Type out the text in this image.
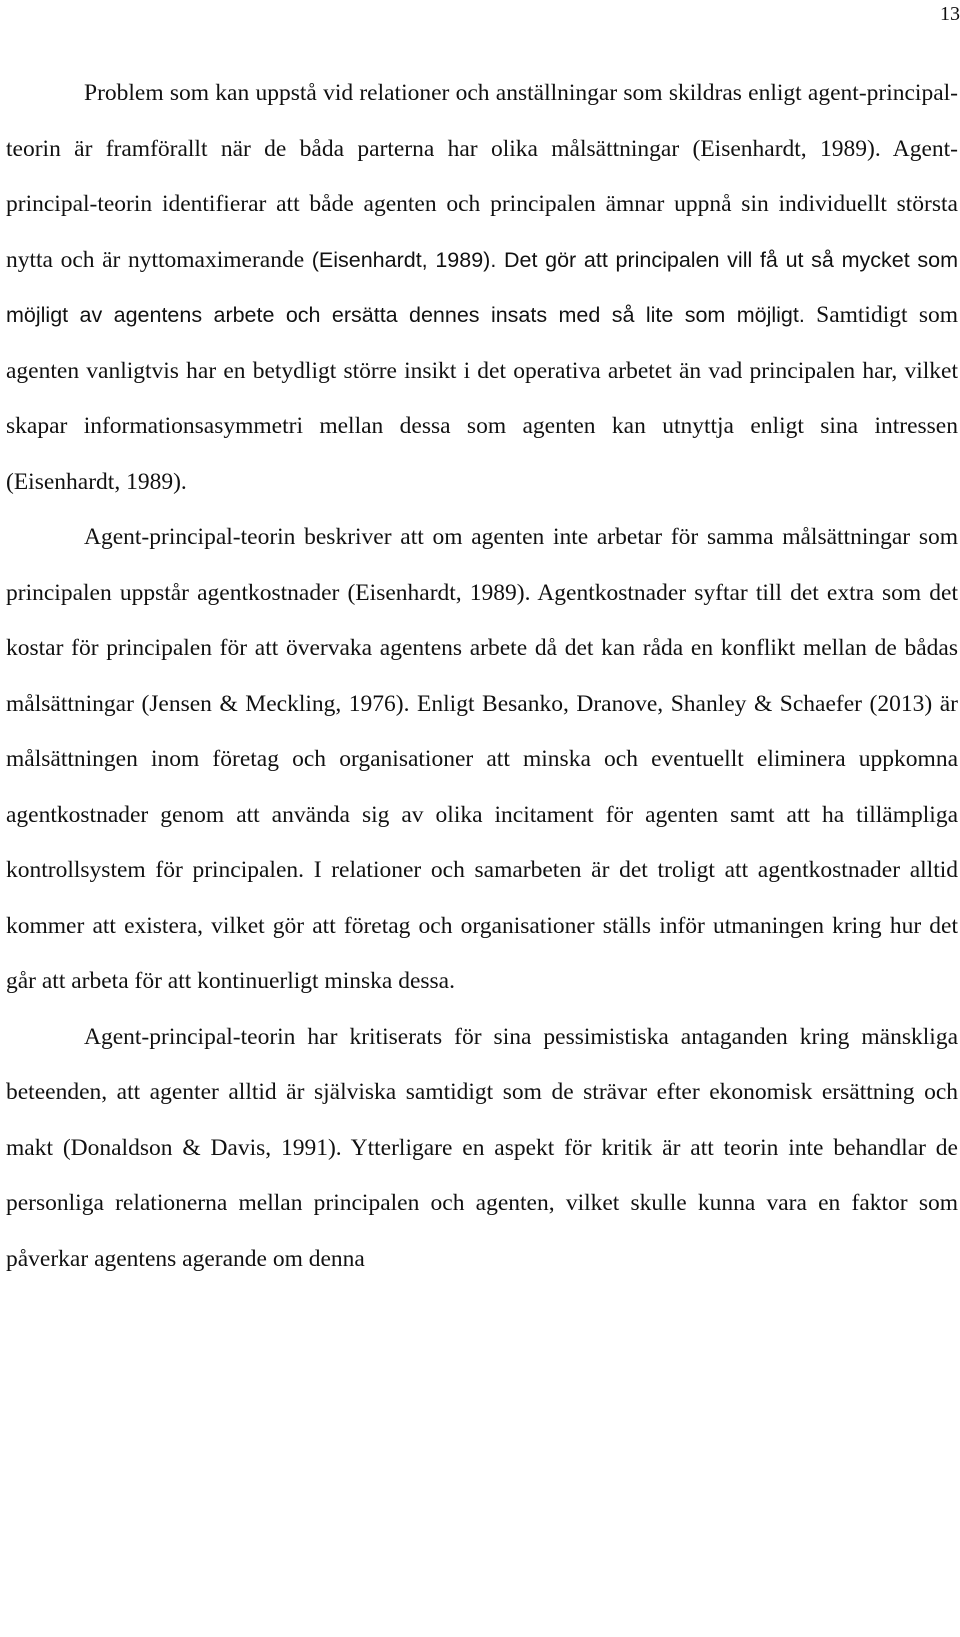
13

Problem som kan uppstå vid relationer och anställningar som skildras enligt agent-principal-teorin är framförallt när de båda parterna har olika målsättningar (Eisenhardt, 1989). Agent-principal-teorin identifierar att både agenten och principalen ämnar uppnå sin individuellt största nytta och är nyttomaximerande (Eisenhardt, 1989). Det gör att principalen vill få ut så mycket som möjligt av agentens arbete och ersätta dennes insats med så lite som möjligt. Samtidigt som agenten vanligtvis har en betydligt större insikt i det operativa arbetet än vad principalen har, vilket skapar informationsasymmetri mellan dessa som agenten kan utnyttja enligt sina intressen (Eisenhardt, 1989).

Agent-principal-teorin beskriver att om agenten inte arbetar för samma målsättningar som principalen uppstår agentkostnader (Eisenhardt, 1989). Agentkostnader syftar till det extra som det kostar för principalen för att övervaka agentens arbete då det kan råda en konflikt mellan de bådas målsättningar (Jensen & Meckling, 1976). Enligt Besanko, Dranove, Shanley & Schaefer (2013) är målsättningen inom företag och organisationer att minska och eventuellt eliminera uppkomna agentkostnader genom att använda sig av olika incitament för agenten samt att ha tillämpliga kontrollsystem för principalen. I relationer och samarbeten är det troligt att agentkostnader alltid kommer att existera, vilket gör att företag och organisationer ställs inför utmaningen kring hur det går att arbeta för att kontinuerligt minska dessa.

Agent-principal-teorin har kritiserats för sina pessimistiska antaganden kring mänskliga beteenden, att agenter alltid är själviska samtidigt som de strävar efter ekonomisk ersättning och makt (Donaldson & Davis, 1991). Ytterligare en aspekt för kritik är att teorin inte behandlar de personliga relationerna mellan principalen och agenten, vilket skulle kunna vara en faktor som påverkar agentens agerande om denna
